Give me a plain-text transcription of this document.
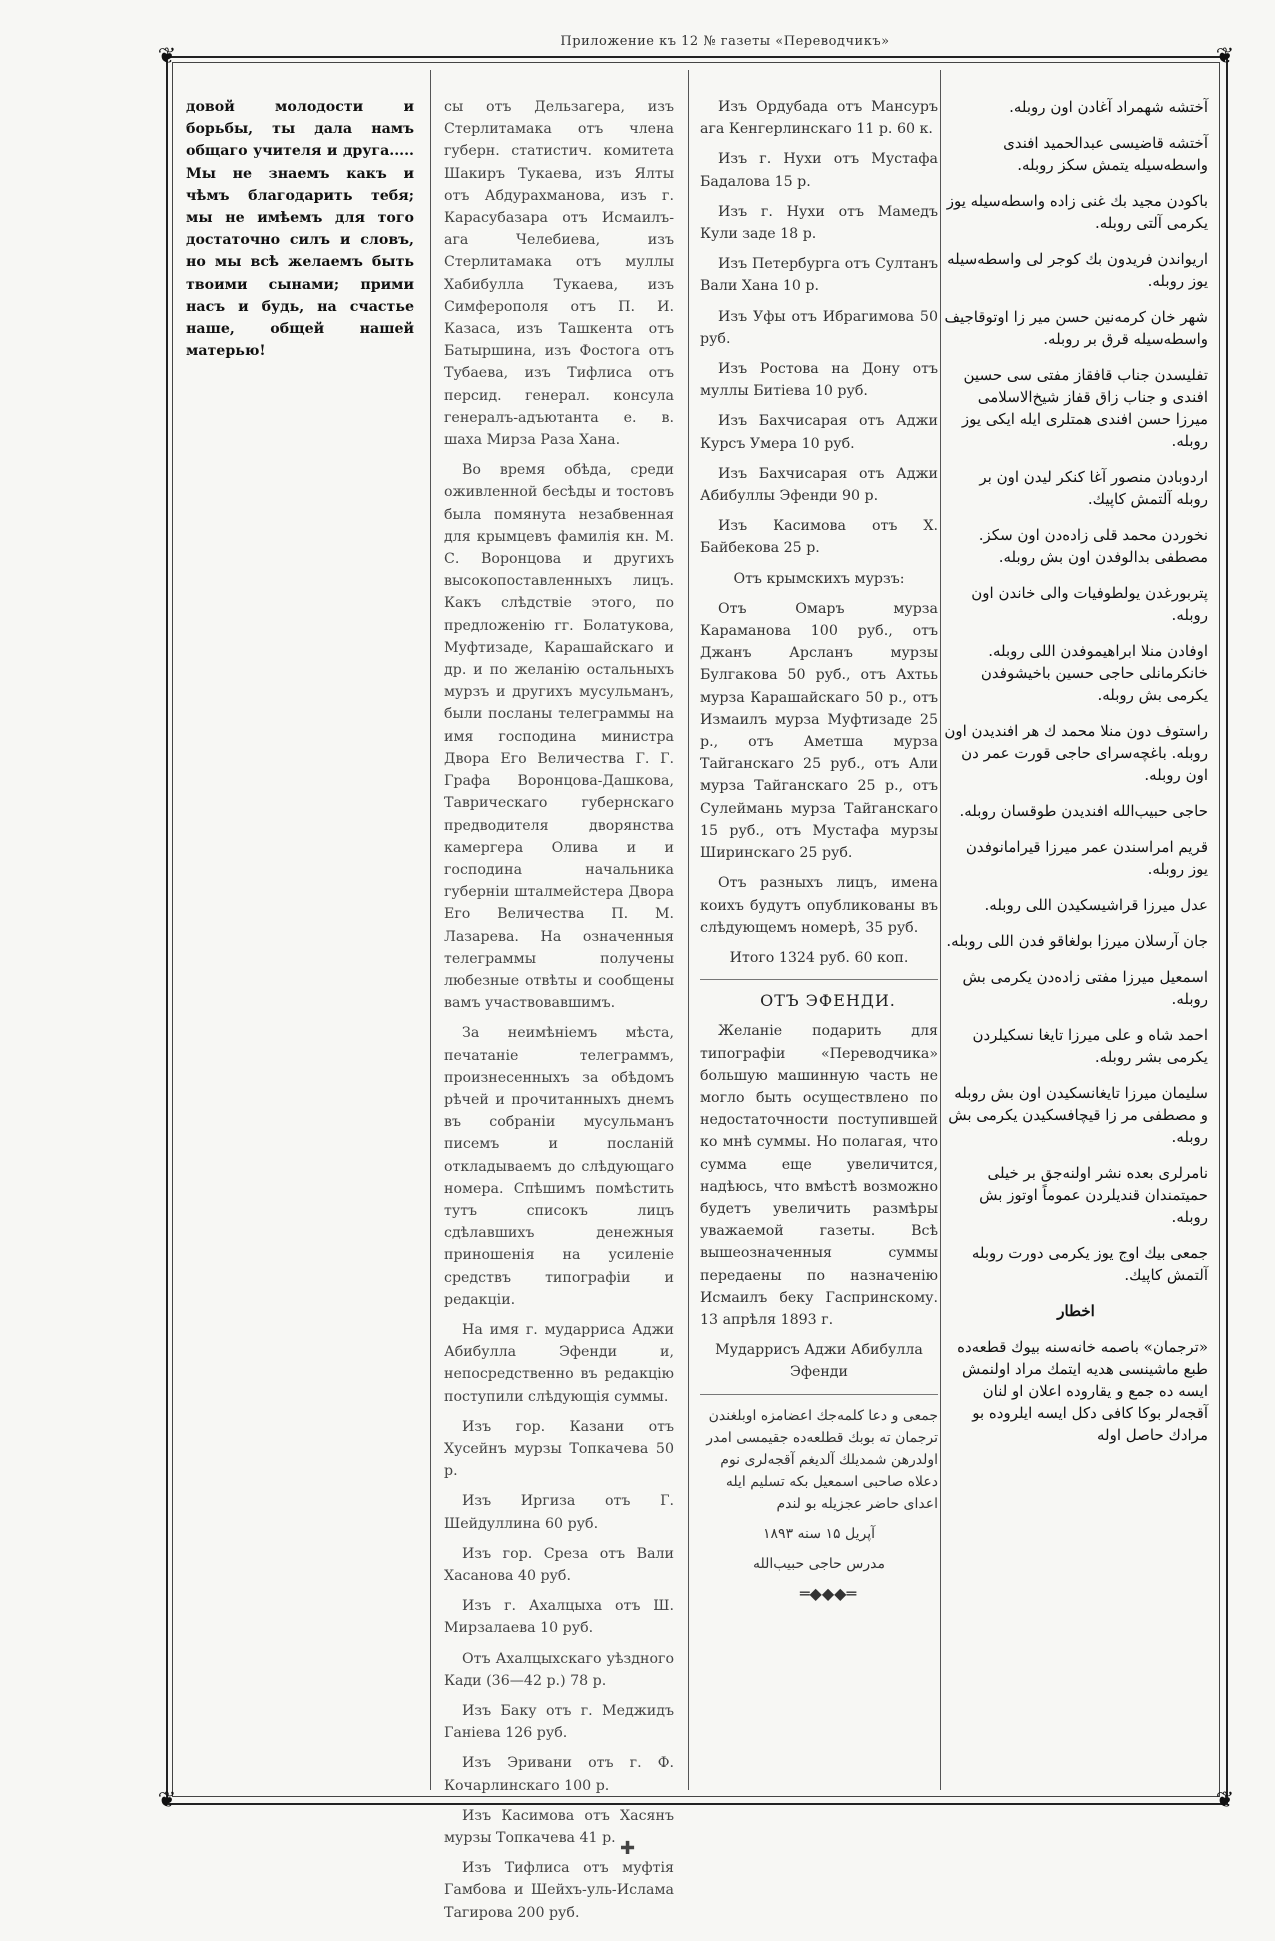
Приложение къ 12 № газеты «Переводчикъ»
❦	❦
❦	❦

довой молодости и борьбы, ты дала намъ общаго учителя и друга..... Мы не знаемъ какъ и чѣмъ благодарить тебя; мы не имѣемъ для того достаточно силъ и словъ, но мы всѣ желаемъ быть твоими сынами; прими насъ и будь, на счастье наше, общей нашей матерью!

сы отъ Дельзагера, изъ Стерлитамака отъ члена губерн. статистич. комитета Шакиръ Тукаева, изъ Ялты отъ Абдурахманова, изъ г. Карасубазара отъ Исмаилъ-ага Челебиева, изъ Стерлитамака отъ муллы Хабибулла Тукаева, изъ Симферополя отъ П. И. Казаса, изъ Ташкента отъ Батыршина, изъ Фостога отъ Тубаева, изъ Тифлиса отъ персид. генерал. консула генералъ-адъютанта е. в. шаха Мирза Раза Хана.

Во время обѣда, среди оживленной бесѣды и тостовъ была помянута незабвенная для крымцевъ фамилія кн. М. С. Воронцова и другихъ высокопоставленныхъ лицъ. Какъ слѣдствіе этого, по предложенію гг. Болатукова, Муфтизаде, Карашайскаго и др. и по желанію остальныхъ мурзъ и другихъ мусульманъ, были посланы телеграммы на имя господина министра Двора Его Величества Г. Г. Графа Воронцова-Дашкова, Таврическаго губернскаго предводителя дворянства камергера Олива и и господина начальника губерніи шталмейстера Двора Его Величества П. М. Лазарева. На означенныя телеграммы получены любезные отвѣты и сообщены вамъ участвовавшимъ.

За неимѣніемъ мѣста, печатаніе телеграммъ, произнесенныхъ за обѣдомъ рѣчей и прочитанныхъ днемъ въ собраніи мусульманъ писемъ и посланій откладываемъ до слѣдующаго номера. Спѣшимъ помѣстить тутъ списокъ лицъ сдѣлавшихъ денежныя приношенія на усиленіе средствъ типографіи и редакціи.

На имя г. мударриса Аджи Абибулла Эфенди и, непосредственно въ редакцію поступили слѣдующія суммы.

Изъ гор. Казани отъ Хусейнъ мурзы Топкачева 50 р.

Изъ Иргиза отъ Г. Шейдуллина 60 руб.

Изъ гор. Среза отъ Вали Хасанова 40 руб.

Изъ г. Ахалцыха отъ Ш. Мирзалаева 10 руб.

Отъ Ахалцыхскаго уѣздного Кади (36—42 р.) 78 р.

Изъ Баку отъ г. Меджидъ Ганіева 126 руб.

Изъ Эривани отъ г. Ф. Кочарлинскаго 100 р.

Изъ Касимова отъ Хасянъ мурзы Топкачева 41 р.

Изъ Тифлиса отъ муфтія Гамбова и Шейхъ-уль-Ислама Тагирова 200 руб.

Изъ Ордубада отъ Мансуръ ага Кенгерлинскаго 11 р. 60 к.

Изъ г. Нухи отъ Мустафа Бадалова 15 р.

Изъ г. Нухи отъ Мамедъ Кули заде 18 р.

Изъ Петербурга отъ Султанъ Вали Хана 10 р.

Изъ Уфы отъ Ибрагимова 50 руб.

Изъ Ростова на Дону отъ муллы Битіева 10 руб.

Изъ Бахчисарая отъ Аджи Курсъ Умера 10 руб.

Изъ Бахчисарая отъ Аджи Абибуллы Эфенди 90 р.

Изъ Касимова отъ Х. Байбекова 25 р.

Отъ крымскихъ мурзъ:

Отъ Омаръ мурза Карамановa 100 руб., отъ Джанъ Арсланъ мурзы Булгакова 50 руб., отъ Ахтьь мурза Карашайскаго 50 р., отъ Измаилъ мурза Муфтизаде 25 р., отъ Аметша мурза Тайганскаго 25 руб., отъ Али мурза Тайганскаго 25 р., отъ Сулеймань мурза Тайганскаго 15 руб., отъ Мустафа мурзы Ширинскаго 25 руб.

Отъ разныхъ лицъ, имена коихъ будутъ опубликованы въ слѣдующемъ номерѣ, 35 руб.

Итого 1324 руб. 60 коп.

ОТЪ ЭФЕНДИ.

Желаніе подарить для типографіи «Переводчика» большую машинную часть не могло быть осуществлено по недостаточности поступившей ко мнѣ суммы. Но полагая, что сумма еще увеличится, надѣюсь, что вмѣстѣ возможно будетъ увеличить размѣры уважаемой газеты. Всѣ вышеозначенныя суммы передаены по назначенію Исмаилъ беку Гаспринскому. 13 апрѣля 1893 г.

Мударрисъ Аджи Абибулла Эфенди

جمعی و دعا كلمه‌جك اعضامزه اوبلغندن ترجمان ته بوبك قطلعه‌ده جقيمسی امدر اولدرهن شمدیلك آلدیغم آقجه‌لری نوم دعلاه صاحبی اسمعیل بكه تسلیم ایله اعدای حاضر عجزیله بو لندم

آپریل ۱۵ سنه ۱۸۹۳

مدرس حاجی حبیب‌الله

═◆◆◆═

آختشه شهمراد آغادن اون روبله.

آختشه قاضیسی عبدالحمید افندی واسطه‌سیله یتمش سكز روبله.

باكودن مجید بك غنی زاده واسطه‌سیله یوز یكرمی آلتی روبله.

اریواندن فریدون بك كوجر لی واسطه‌سیله یوز روبله.

شهر خان كرمه‌نین حسن میر زا اوتوقاجیف واسطه‌سیله قرق بر روبله.

تفلیسدن جناب قافقاز مفتی سی حسین افندی و جناب زاق قفاز شیخ‌الاسلامی میرزا حسن افندی همتلری ایله ایكی یوز روبله.

اردوبادن منصور آغا كنكر لیدن اون بر روبله آلتمش كاپیك.

نخوردن محمد قلی زاده‌دن اون سكز. مصطفی بدالوفدن اون بش روبله.

پتربورغدن یولطوفیات والی خاندن اون روبله.

اوفادن منلا ابراهیموفدن اللی روبله. خانكرمانلی حاجی حسین باخیشوفدن یكرمی بش روبله.

راستوف دون منلا محمد ك هر افندیدن اون روبله. باغچه‌سرای حاجی قورت عمر دن اون روبله.

حاجی حبیب‌الله افندیدن طوقسان روبله.

قریم امراسندن عمر میرزا قیرامانوفدن یوز روبله.

عدل میرزا قراشیسكیدن اللی روبله.

جان آرسلان میرزا بولغاقو فدن اللی روبله.

اسمعیل میرزا مفتی زاده‌دن یكرمی بش روبله.

احمد شاه و علی میرزا تایغا نسكیلردن یكرمی بشر روبله.

سلیمان میرزا تایغانسكیدن اون بش روبله و مصطفی مر زا قیچافسكیدن یكرمی بش روبله.

نامرلری بعده نشر اولنه‌جق بر خیلی حمیتمندان قندیلردن عموماً اوتوز بش روبله.

جمعی بیك اوج یوز یكرمی دورت روبله آلتمش كاپیك.

اخطار

«ترجمان» باصمه خانه‌سنه بیوك قطعه‌ده طبع ماشینسی هدیه ایتمك مراد اولنمش ایسه ده جمع و یقاروده اعلان او لنان آقجه‌لر بوكا كافی دكل ایسه ایلروده بو مرادك حاصل اوله

✚
